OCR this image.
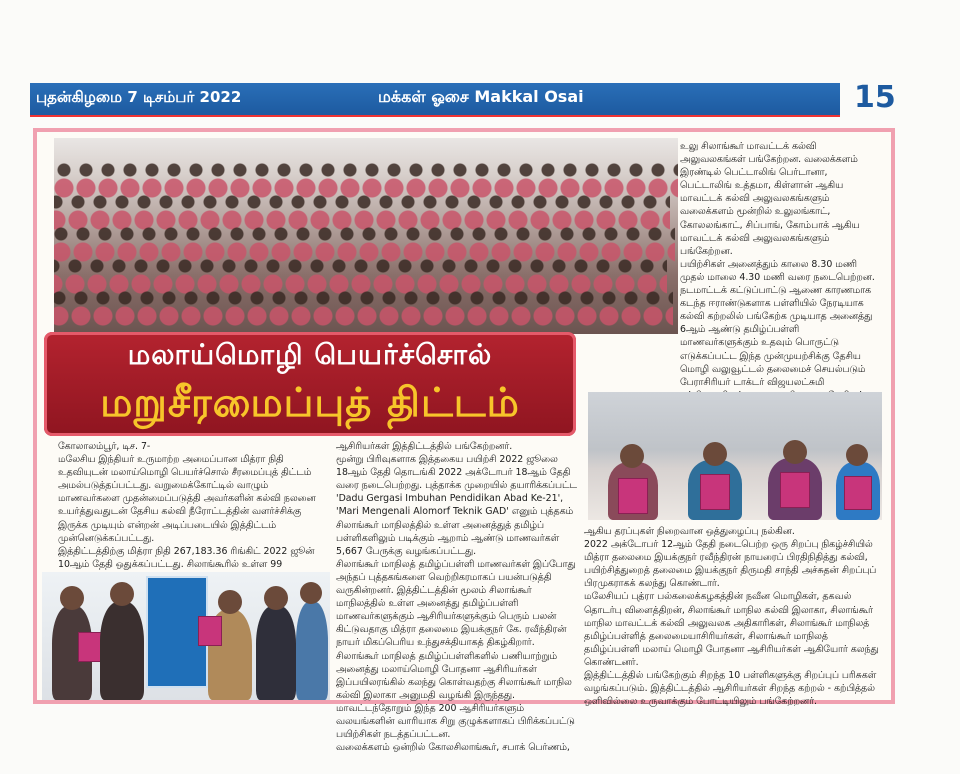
புதன்கிழமை 7 டிசம்பர் 2022	மக்கள் ஓசை Makkal Osai	15
மலாய்மொழி பெயர்ச்சொல்
மறுசீரமைப்புத் திட்டம்

உலு சிலாங்கூர் மாவட்டக் கல்வி அலுவலகங்கள் பங்கேற்றன. வலைக்களம் இரண்டில் பெட்டாலிங் பெர்டானா, பெட்டாலிங் உத்தமா, கிள்ளான் ஆகிய மாவட்டக் கல்வி அலுவலகங்களும் வலைக்களம் மூன்றில் உலுலங்காட், கோலலங்காட், சிப்பாங், கோம்பாக் ஆகிய மாவட்டக் கல்வி அலுவலகங்களும் பங்கேற்றன.

பயிற்சிகள் அனைத்தும் காலை 8.30 மணி முதல் மாலை 4.30 மணி வரை நடைபெற்றன. நடமாட்டக் கட்டுப்பாட்டு ஆணை காரணமாக கடந்த ஈராண்டுகளாக பள்ளியில் நேரடியாக கல்வி கற்றலில் பங்கேற்க முடியாத அனைத்து 6ஆம் ஆண்டு தமிழ்ப்பள்ளி மாணவர்களுக்கும் உதவும் பொருட்டு எடுக்கப்பட்ட இந்த முன்முயற்சிக்கு தேசிய மொழி வலுவூட்டல் தலைமைச் செயல்படும் பேராசிரியர் டாக்டர் விஜயலட்சுமி

கோலாலம்பூர், டிச. 7-

மலேசிய இந்தியர் உருமாற்ற அமைப்பான மித்ரா நிதி உதவியுடன் மலாய்மொழி பெயர்ச்சொல் சீரமைப்புத் திட்டம் அமல்படுத்தப்பட்டது. வறுமைக்கோட்டில் வாழும் மாணவர்களை முதன்மைப்படுத்தி அவர்களின் கல்வி நலனை உயர்த்துவதுடன் தேசிய கல்வி நீரோட்டத்தின் வளர்ச்சிக்கு இருக்க முடியும் என்றன் அடிப்படையில் இத்திட்டம் முன்னெடுக்கப்பட்டது.

இத்திட்டத்திற்கு மித்ரா நிதி 267,183.36 ரிங்கிட் 2022 ஜூன் 10ஆம் தேதி ஒதுக்கப்பட்டது. சிலாங்கூரில் உள்ள 99

ஆசிரியர்கள் இத்திட்டத்தில் பங்கேற்றனர்.

மூன்று பிரிவுகளாக இத்தகைய பயிற்சி 2022 ஜூலை 18ஆம் தேதி தொடங்கி 2022 அக்டோபர் 18ஆம் தேதி வரை நடைபெற்றது. புத்தாக்க முறையில் தயாரிக்கப்பட்ட 'Dadu Gergasi Imbuhan Pendidikan Abad Ke-21', 'Mari Mengenali Alomorf Teknik GAD' எனும் புத்தகம் சிலாங்கூர் மாநிலத்தில் உள்ள அனைத்துத் தமிழ்ப் பள்ளிகளிலும் படிக்கும் ஆறாம் ஆண்டு மாணவர்கள் 5,667 பேருக்கு வழங்கப்பட்டது.

சிலாங்கூர் மாநிலத் தமிழ்ப்பள்ளி மாணவர்கள் இப்போது அந்தப் புத்தகங்களை வெற்றிகரமாகப் பயன்படுத்தி வருகின்றனர். இத்திட்டத்தின் மூலம் சிலாங்கூர் மாநிலத்தில் உள்ள அனைத்து தமிழ்ப்பள்ளி மாணவர்களுக்கும் ஆசிரியர்களுக்கும் பெரும் பலன் கிட்டுவதாகு மித்ரா தலைமை இயக்குநர் கே. ரவீந்திரன் நாயர் மிகப்பெரிய உந்துசக்தியாகத் திகழ்கிறார்.

சிலாங்கூர் மாநிலத் தமிழ்ப்பள்ளிகளில் பணியாற்றும் அனைத்து மலாய்மொழி போதனா ஆசிரியர்கள் இப்பயிலரங்கில் கலந்து கொள்வதற்கு சிலாங்கூர் மாநில கல்வி இலாகா அனுமதி வழங்கி இருந்தது.

மாவட்டந்தோறும் இந்த 200 ஆசிரியர்களும் வலயங்களின் வாரியாக சிறு குழுக்களாகப் பிரிக்கப்பட்டு பயிற்சிகள் நடத்தப்பட்டன.

வலைக்களம் ஒன்றில் கோலசிலாங்கூர், சபாக் பெர்ணம்,

ஆகிய தரப்புகள் நிறைவான ஒத்துழைப்பு நல்கின.

2022 அக்டோபர் 12ஆம் தேதி நடைபெற்ற ஒரு சிறப்பு நிகழ்ச்சியில் மித்ரா தலைமை இயக்குநர் ரவீந்திரன் நாயரைப் பிரதிநிதித்து கல்வி, பயிற்சித்துறைத் தலைமை இயக்குநர் திருமதி சாந்தி அச்சுதன் சிறப்புப் பிரமுகராகக் கலந்து கொண்டார்.

மலேசியப் புத்ரா பல்கலைக்கழகத்தின் நவீன மொழிகள், தகவல் தொடர்பு விளைத்திறன், சிலாங்கூர் மாநில கல்வி இலாகா, சிலாங்கூர் மாநில மாவட்டக் கல்வி அலுவலக அதிகாரிகள், சிலாங்கூர் மாநிலத் தமிழ்ப்பள்ளித் தலைமையாசிரியர்கள், சிலாங்கூர் மாநிலத் தமிழ்ப்பள்ளி மலாய் மொழி போதனா ஆசிரியர்கள் ஆகியோர் கலந்து கொண்டனர்.

இத்திட்டத்தில் பங்கேற்கும் சிறந்த 10 பள்ளிகளுக்கு சிறப்புப் பரிசுகள் வழங்கப்படும். இத்திட்டத்தில் ஆசிரியர்கள் சிறந்த கற்றல் - கற்பித்தல் ஒளிவில்லை உருவாக்கும் போட்டியிலும் பங்கேற்றனர்.
